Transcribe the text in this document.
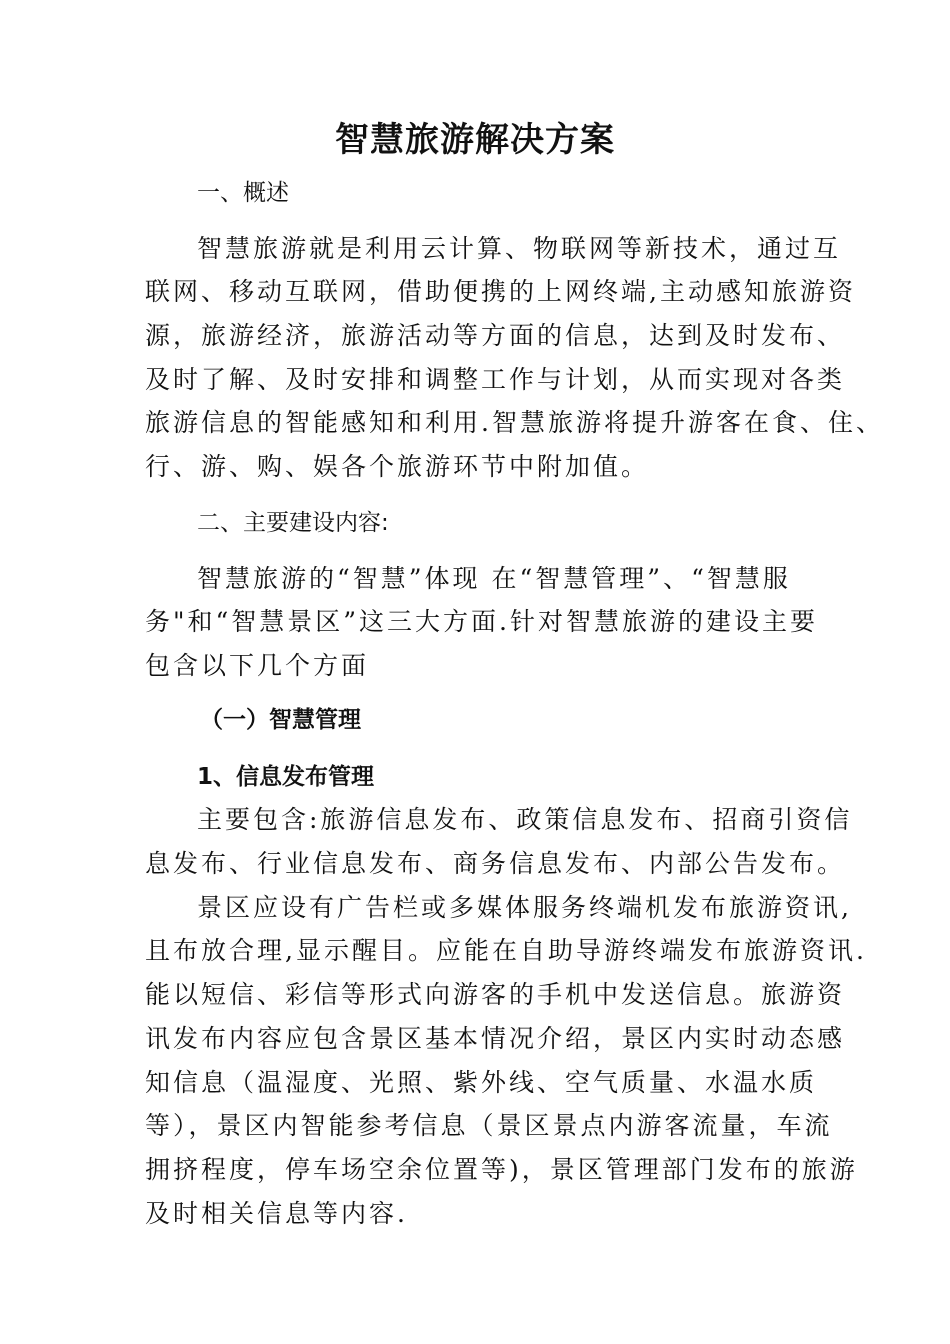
智慧旅游解决方案
一、概述
智慧旅游就是利用云计算、物联网等新技术，通过互
联网、移动互联网，借助便携的上网终端,主动感知旅游资
源，旅游经济，旅游活动等方面的信息，达到及时发布、
及时了解、及时安排和调整工作与计划，从而实现对各类
旅游信息的智能感知和利用.智慧旅游将提升游客在食、住、
行、游、购、娱各个旅游环节中附加值。
二、主要建设内容:
智慧旅游的“智慧”体现 在“智慧管理”、“智慧服
务"和“智慧景区”这三大方面.针对智慧旅游的建设主要
包含以下几个方面
（一）智慧管理
1、信息发布管理
主要包含:旅游信息发布、政策信息发布、招商引资信
息发布、行业信息发布、商务信息发布、内部公告发布。
景区应设有广告栏或多媒体服务终端机发布旅游资讯,
且布放合理,显示醒目。应能在自助导游终端发布旅游资讯.
能以短信、彩信等形式向游客的手机中发送信息。旅游资
讯发布内容应包含景区基本情况介绍，景区内实时动态感
知信息（温湿度、光照、紫外线、空气质量、水温水质
等），景区内智能参考信息（景区景点内游客流量，车流
拥挤程度，停车场空余位置等)，景区管理部门发布的旅游
及时相关信息等内容.
